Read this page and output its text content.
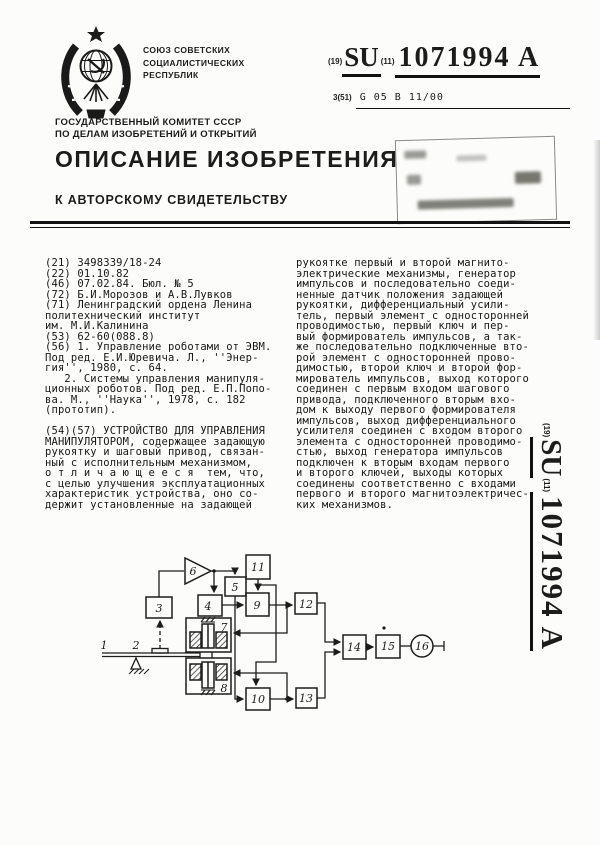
СОЮЗ СОВЕТСКИХ
СОЦИАЛИСТИЧЕСКИХ
РЕСПУБЛИК
(19) SU (11) 1071994 A
3(51) G 05 B 11/00
ГОСУДАРСТВЕННЫЙ КОМИТЕТ СССР
ПО ДЕЛАМ ИЗОБРЕТЕНИЙ И ОТКРЫТИЙ
ОПИСАНИЕ ИЗОБРЕТЕНИЯ
К АВТОРСКОМУ СВИДЕТЕЛЬСТВУ
(21) 3498339/18-24
(22) 01.10.82
(46) 07.02.84. Бюл. № 5
(72) Б.И.Морозов и А.В.Лувков
(71) Ленинградский ордена Ленина
политехнический институт
им. М.И.Калинина
(53) 62-60(088.8)
(56) 1. Управление роботами от ЭВМ.
Под ред. Е.И.Юревича. Л., ''Энер-
гия'', 1980, с. 64.
2. Системы управления манипуля-
ционных роботов. Под ред. Е.П.Попо-
ва. М., ''Наука'', 1978, с. 182
(прототип).

(54)(57) УСТРОЙСТВО ДЛЯ УПРАВЛЕНИЯ
МАНИПУЛЯТОРОМ, содержащее задающую
рукоятку и шаговый привод, связан-
ный с исполнительным механизмом,
о т л и ч а ю щ е е с я  тем, что,
с целью улучшения эксплуатационных
характеристик устройства, оно со-
держит установленные на задающей
рукоятке первый и второй магнито-
электрические механизмы, генератор
импульсов и последовательно соеди-
ненные датчик положения задающей
рукоятки, дифференциальный усили-
тель, первый элемент с односторонней
проводимостью, первый ключ и пер-
вый формирователь импульсов, а так-
же последовательно подключенные вто-
рой элемент с односторонней прово-
димостью, второй ключ и второй фор-
мирователь импульсов, выход которого
соединен с первым входом шагового
привода, подключенного вторым вхо-
дом к выходу первого формирователя
импульсов, выход дифференциального
усилителя соединен с входом второго
элемента с односторонней проводимо-
стью, выход генератора импульсов
подключен к вторым входам первого
и второго ключей, выходы которых
соединены соответственно с входами
первого и второго магнитоэлектричес-
ких механизмов.
(19)
SU
(11)
1071994 A
1 2
3	4
5
6
7
8
9
10
11
12
13
14 15 16
